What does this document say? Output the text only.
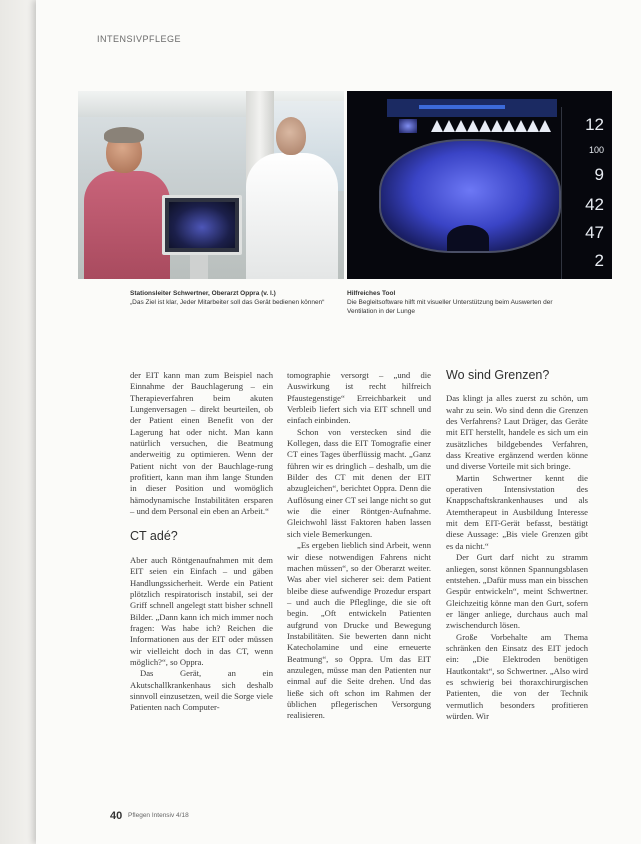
INTENSIVPFLEGE
12
100
9
42
47
2
Stationsleiter Schwertner, Oberarzt Oppra (v. l.)
„Das Ziel ist klar, Jeder Mitarbeiter soll das Gerät bedienen können“
Hilfreiches Tool
Die Begleitsoftware hilft mit visueller Unterstützung beim Auswerten der Ventilation in der Lunge

der EIT kann man zum Beispiel nach Einnahme der Bauchlagerung – ein Therapieverfahren beim akuten Lungenversagen – direkt beurteilen, ob der Patient einen Benefit von der Lagerung hat oder nicht. Man kann natürlich versuchen, die Beatmung anderweitig zu optimieren. Wenn der Patient nicht von der Bauchlage-rung profitiert, kann man ihm lange Stunden in dieser Position und womöglich hämodynamische Instabilitäten ersparen – und dem Personal ein eben an Arbeit.“

CT adé?

Aber auch Röntgenaufnahmen mit dem EIT seien ein Einfach – und gäben Handlungssicherheit. Werde ein Patient plötzlich respiratorisch instabil, sei der Griff schnell angelegt statt bisher schnell Bilder. „Dann kann ich mich immer noch fragen: Was habe ich? Reichen die Informationen aus der EIT oder müssen wir vielleicht doch in das CT, wenn möglich?“, so Oppra.

Das Gerät, an ein Akutschallkrankenhaus sich deshalb sinnvoll einzusetzen, weil die Sorge viele Patienten nach Computer-

tomographie versorgt – „und die Auswirkung ist recht hilfreich Pfaustegenstige“ Erreichbarkeit und Verbleib liefert sich via EIT schnell und einfach einbinden.

Schon von verstecken sind die Kollegen, dass die EIT Tomografie einer CT eines Tages überflüssig macht. „Ganz führen wir es dringlich – deshalb, um die Bilder des CT mit denen der EIT abzugleichen“, berichtet Oppra. Denn die Auflösung einer CT sei lange nicht so gut wie die einer Röntgen-Aufnahme. Gleichwohl lässt Faktoren haben lassen sich viele Bemerkungen.

„Es ergeben lieblich sind Arbeit, wenn wir diese notwendigen Fahrens nicht machen müssen“, so der Oberarzt weiter. Was aber viel sicherer sei: dem Patient bleibe diese aufwendige Prozedur erspart – und auch die Pfleglinge, die sie oft begin. „Oft entwickeln Patienten aufgrund von Drucke und Bewegung Instabilitäten. Sie bewerten dann nicht Katecholamine und eine erneuerte Beatmung“, so Oppra. Um das EIT anzulegen, müsse man den Patienten nur einmal auf die Seite drehen. Und das ließe sich oft schon im Rahmen der üblichen pflegerischen Versorgung realisieren.

Wo sind Grenzen?

Das klingt ja alles zuerst zu schön, um wahr zu sein. Wo sind denn die Grenzen des Verfahrens? Laut Dräger, das Geräte mit EIT herstellt, handele es sich um ein zusätzliches bildgebendes Verfahren, dass Kreative ergänzend werden könne und diverse Vorteile mit sich bringe.

Martin Schwertner kennt die operativen Intensivstation des Knappschaftskrankenhauses und als Atemtherapeut in Ausbildung Interesse mit dem EIT-Gerät befasst, bestätigt diese Aussage: „Bis viele Grenzen gibt es da nicht.“

Der Gurt darf nicht zu stramm anliegen, sonst können Spannungsblasen entstehen. „Dafür muss man ein bisschen Gespür entwickeln“, meint Schwertner. Gleichzeitig könne man den Gurt, sofern er länger anliege, durchaus auch mal zwischendurch lösen.

Große Vorbehalte am Thema schränken den Einsatz des EIT jedoch ein: „Die Elektroden benötigen Hautkontakt“, so Schwertner. „Also wird es schwierig bei thoraxchirurgischen Patienten, die von der Technik vermutlich besonders profitieren würden. Wir

40 Pflegen Intensiv 4/18
